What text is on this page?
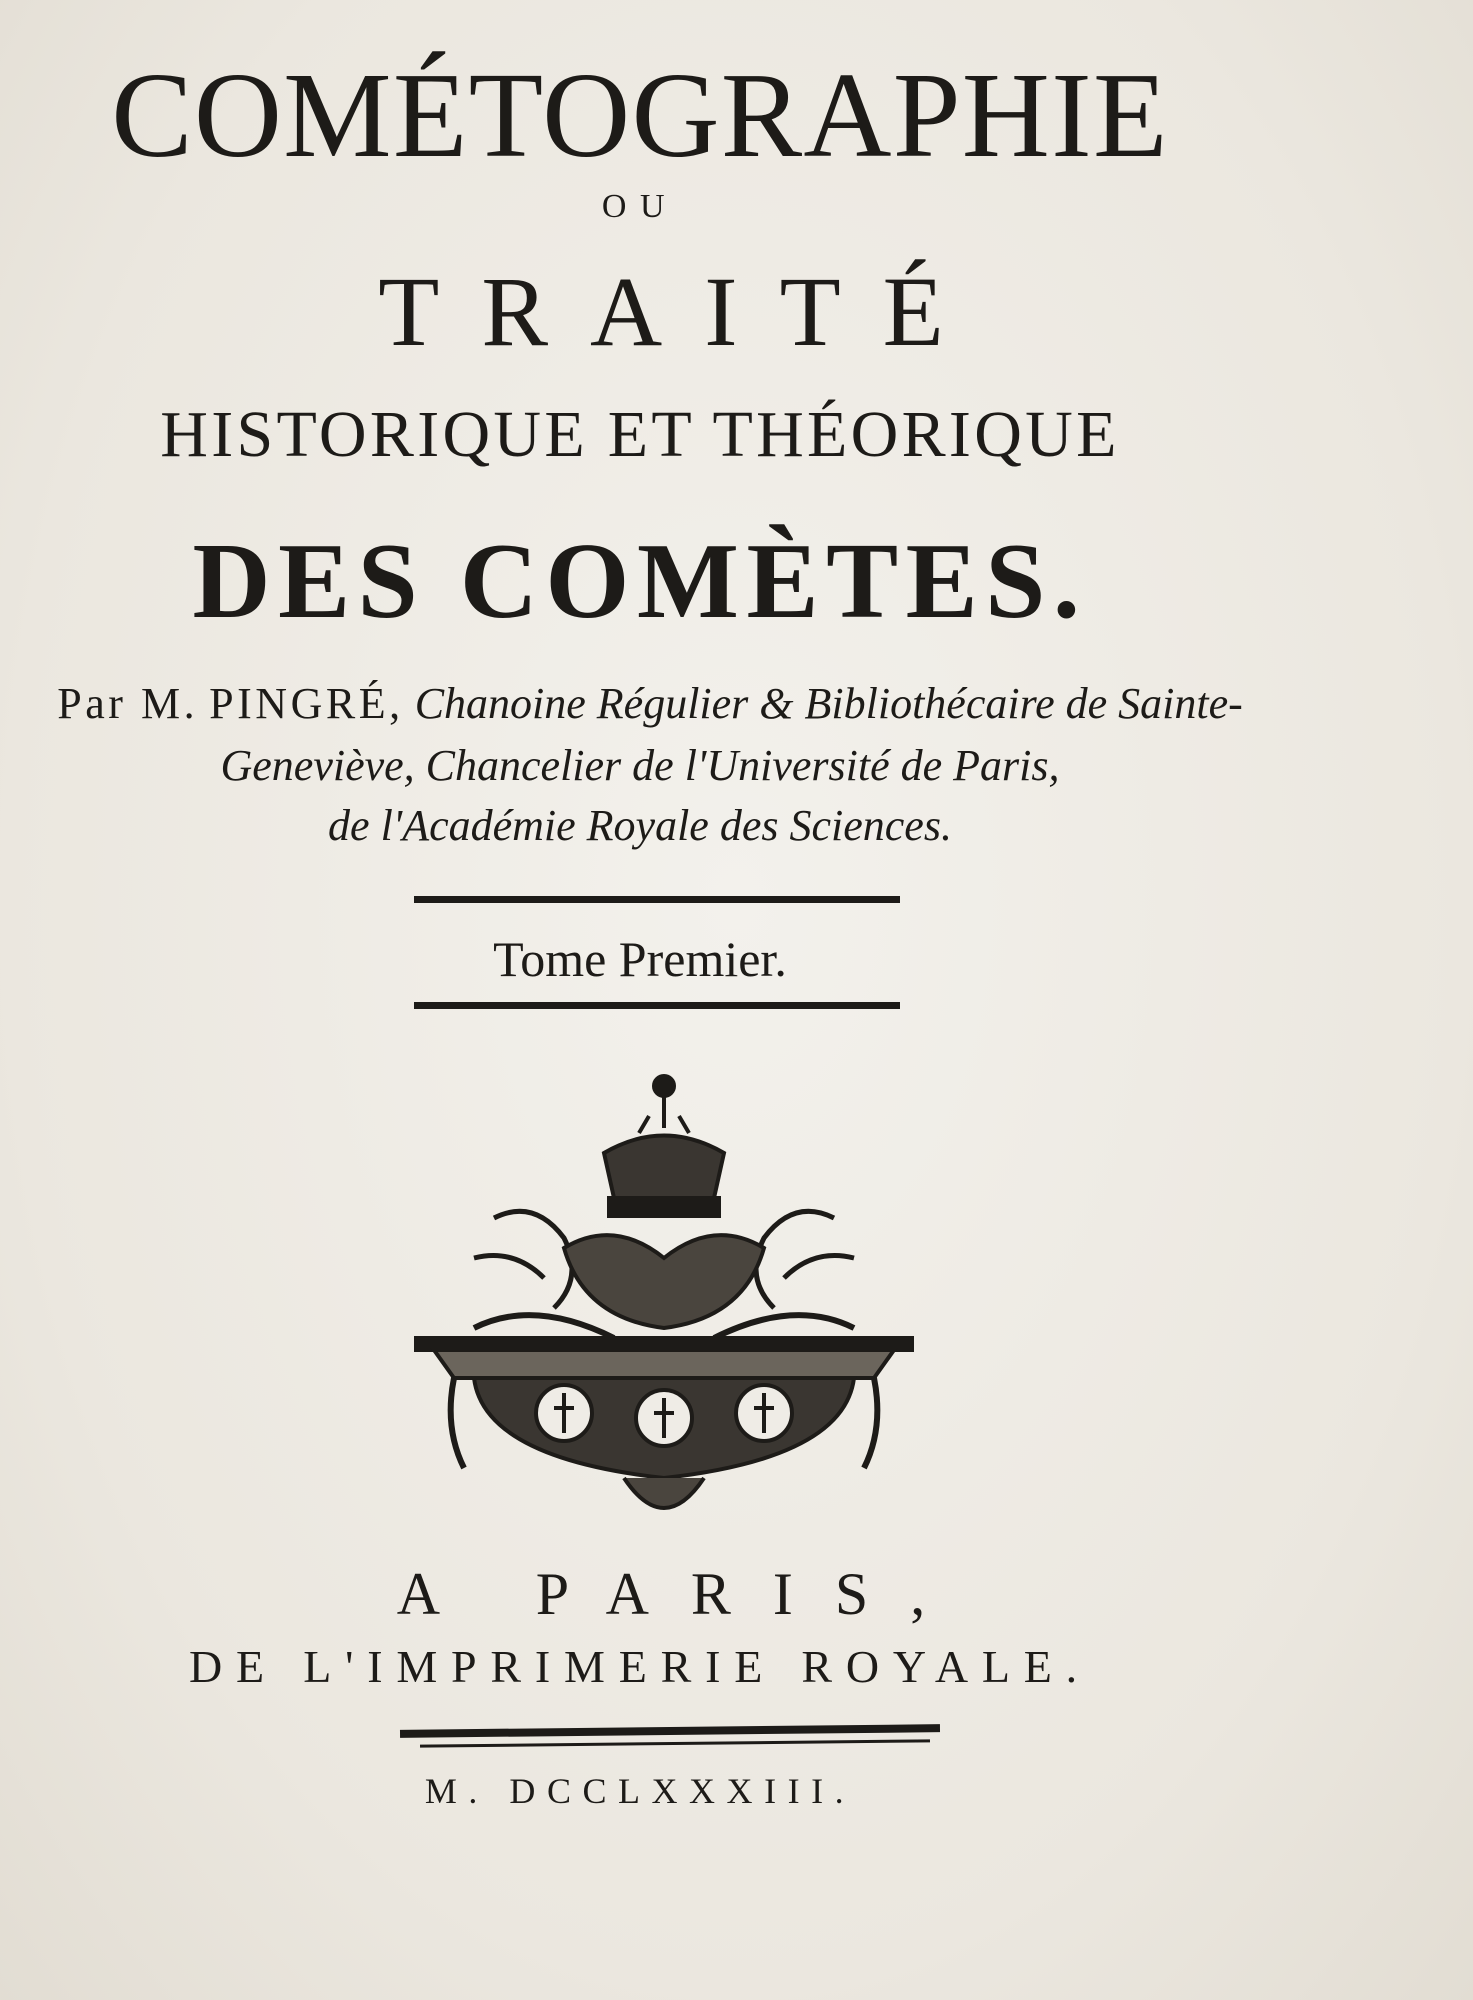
COMÉTOGRAPHIE
OU
TRAITÉ
HISTORIQUE ET THÉORIQUE
DES COMÈTES.
Par M. PINGRÉ, Chanoine Régulier & Bibliothécaire de Sainte-
Geneviève, Chancelier de l'Université de Paris,
de l'Académie Royale des Sciences.
Tome Premier.
A PARIS,
DE L'IMPRIMERIE ROYALE.
M. DCCLXXXIII.
